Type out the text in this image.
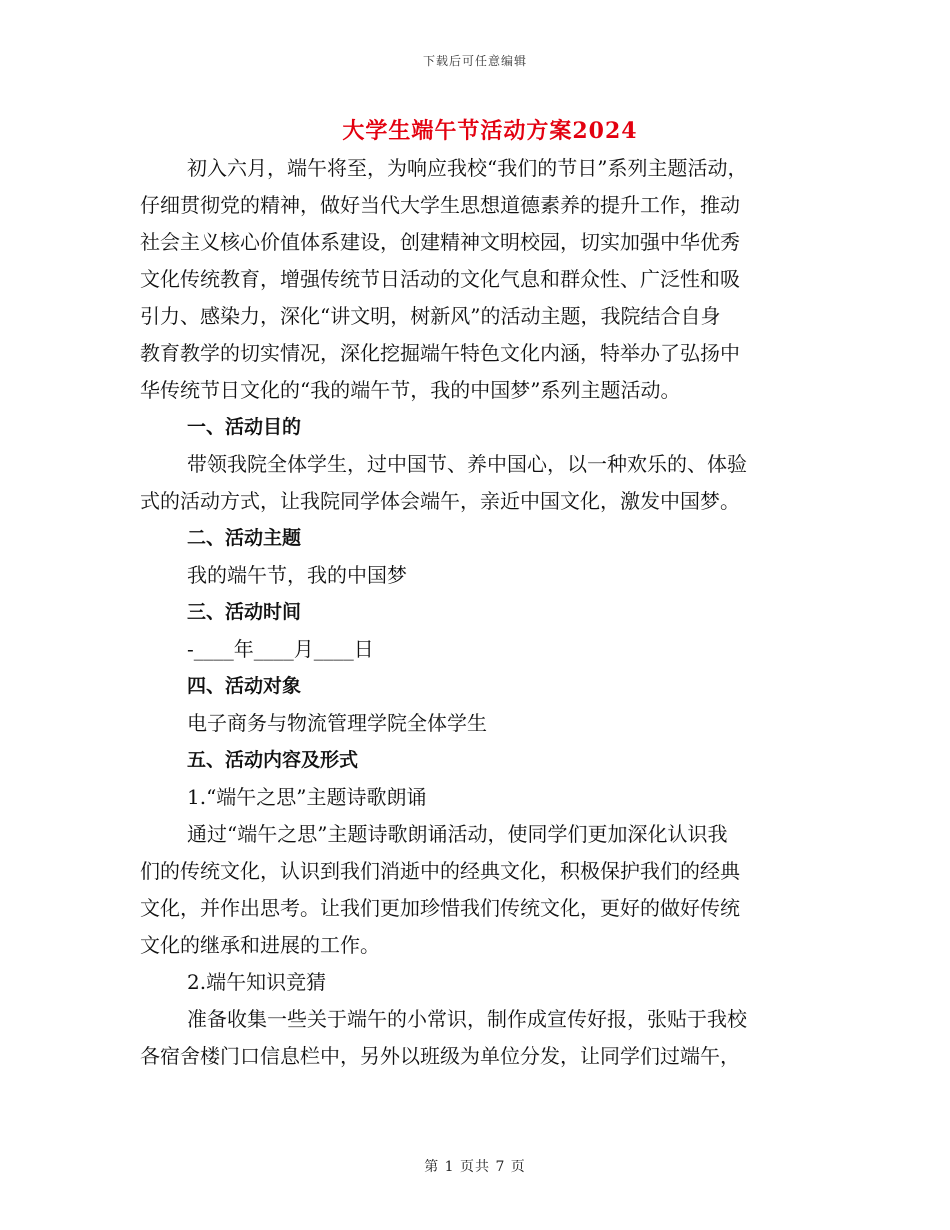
下载后可任意编辑
大学生端午节活动方案2024
初入六月，端午将至，为响应我校“我们的节日”系列主题活动，
仔细贯彻党的精神，做好当代大学生思想道德素养的提升工作，推动
社会主义核心价值体系建设，创建精神文明校园，切实加强中华优秀
文化传统教育，增强传统节日活动的文化气息和群众性、广泛性和吸
引力、感染力，深化“讲文明，树新风”的活动主题，我院结合自身
教育教学的切实情况，深化挖掘端午特色文化内涵，特举办了弘扬中
华传统节日文化的“我的端午节，我的中国梦”系列主题活动。
一、活动目的
带领我院全体学生，过中国节、养中国心，以一种欢乐的、体验
式的活动方式，让我院同学体会端午，亲近中国文化，激发中国梦。
二、活动主题
我的端午节，我的中国梦
三、活动时间
-____年____月____日
四、活动对象
电子商务与物流管理学院全体学生
五、活动内容及形式
1.“端午之思”主题诗歌朗诵
通过“端午之思”主题诗歌朗诵活动，使同学们更加深化认识我
们的传统文化，认识到我们消逝中的经典文化，积极保护我们的经典
文化，并作出思考。让我们更加珍惜我们传统文化，更好的做好传统
文化的继承和进展的工作。
2.端午知识竞猜
准备收集一些关于端午的小常识，制作成宣传好报，张贴于我校
各宿舍楼门口信息栏中，另外以班级为单位分发，让同学们过端午，
第 1 页共 7 页
